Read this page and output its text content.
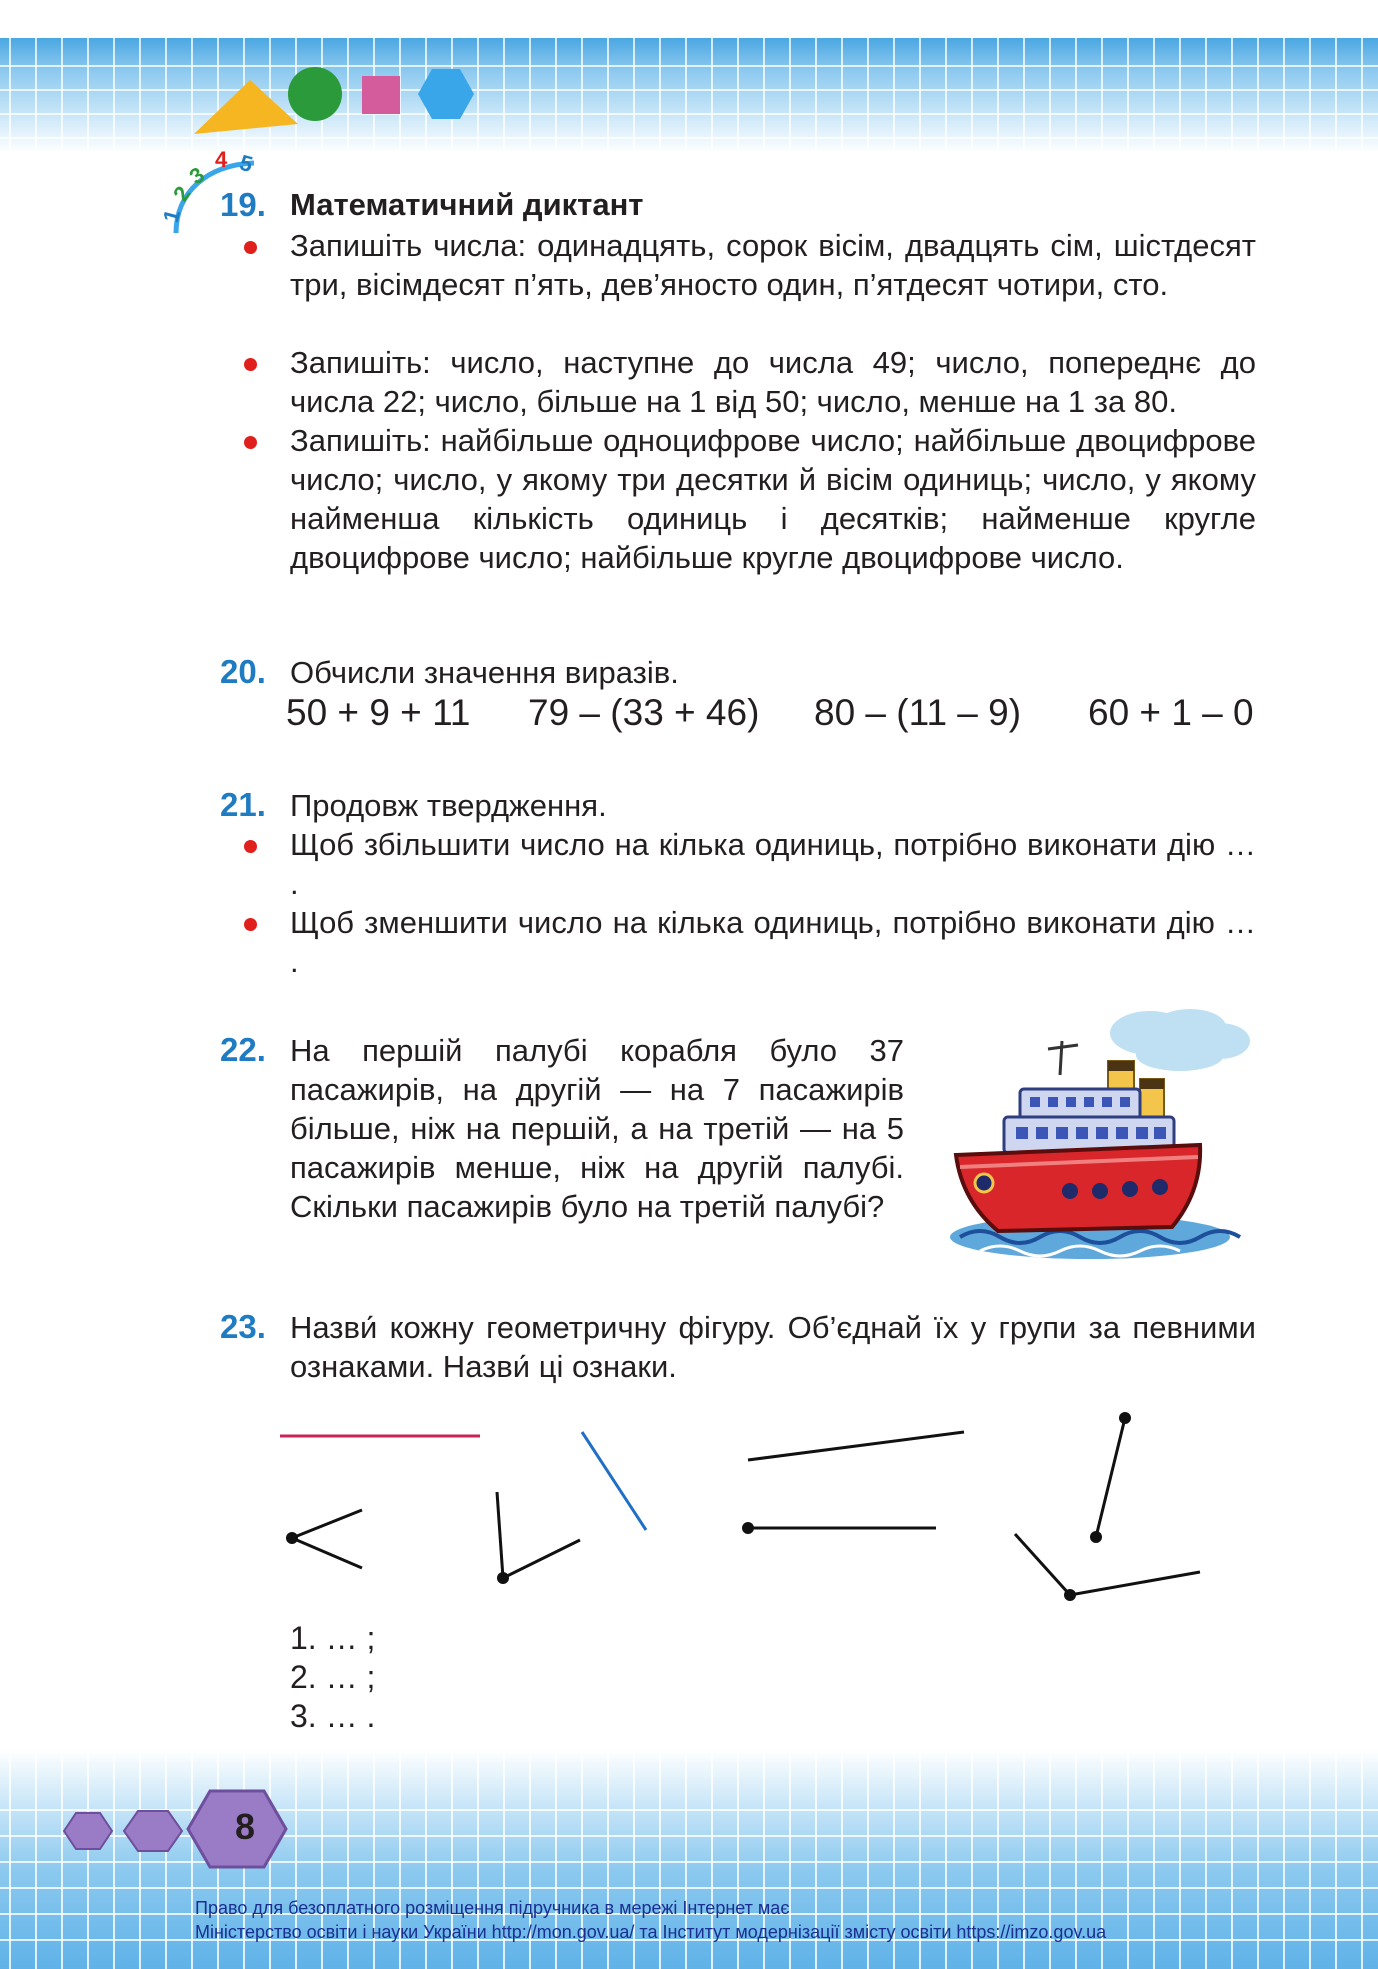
1
2
3
4 5
19. Математичний диктант
Запишіть числа: одинадцять, сорок вісім, двадцять сім, шістдесят три, вісімдесят п’ять, дев’яносто один, п’ятдесят чотири, сто.
Запишіть: число, наступне до числа 49; число, попереднє до числа 22; число, більше на 1 від 50; число, менше на 1 за 80.
Запишіть: найбільше одноцифрове число; найбільше двоцифрове число; число, у якому три десятки й вісім одиниць; число, у якому найменша кількість одиниць і десятків; найменше кругле двоцифрове число; найбільше кругле двоцифрове число.
20. Обчисли значення виразів.
50 + 9 + 11 79 – (33 + 46) 80 – (11 – 9) 60 + 1 – 0
21. Продовж твердження.
Щоб збільшити число на кілька одиниць, потрібно виконати дію … .
Щоб зменшити число на кілька одиниць, потрібно виконати дію … .
22. На першій палубі корабля було 37 пасажирів, на другій — на 7 пасажирів більше, ніж на першій, а на третій — на 5 пасажирів менше, ніж на другій палубі. Скільки пасажирів було на третій палубі?
23. Назви́ кожну геометричну фігуру. Об’єднай їх у групи за певними ознаками. Назви́ ці ознаки.
1. … ;
2. … ;
3. … .
8
Право для безоплатного розміщення підручника в мережі Інтернет має
Міністерство освіти і науки України http://mon.gov.ua/ та Інститут модернізації змісту освіти https://imzo.gov.ua
